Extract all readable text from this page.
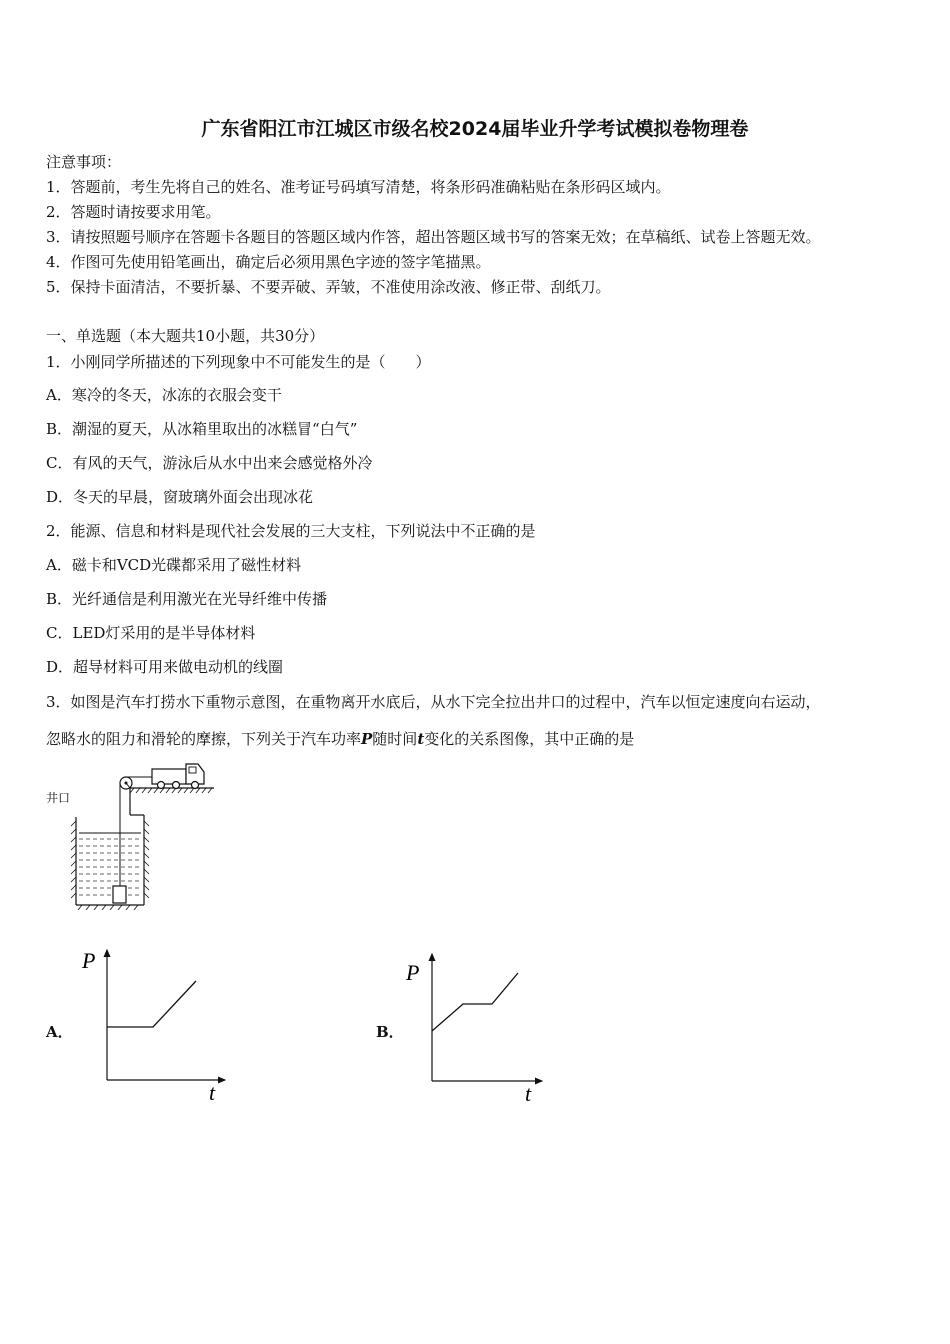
广东省阳江市江城区市级名校2024届毕业升学考试模拟卷物理卷
注意事项：
1．答题前，考生先将自己的姓名、准考证号码填写清楚，将条形码准确粘贴在条形码区域内。
2．答题时请按要求用笔。
3．请按照题号顺序在答题卡各题目的答题区域内作答，超出答题区域书写的答案无效；在草稿纸、试卷上答题无效。
4．作图可先使用铅笔画出，确定后必须用黑色字迹的签字笔描黑。
5．保持卡面清洁，不要折暴、不要弄破、弄皱，不准使用涂改液、修正带、刮纸刀。
一、单选题（本大题共10小题，共30分）
1．小刚同学所描述的下列现象中不可能发生的是（　　）
A．寒冷的冬天，冰冻的衣服会变干
B．潮湿的夏天，从冰箱里取出的冰糕冒“白气”
C．有风的天气，游泳后从水中出来会感觉格外冷
D．冬天的早晨，窗玻璃外面会出现冰花
2．能源、信息和材料是现代社会发展的三大支柱，下列说法中不正确的是
A．磁卡和VCD光碟都采用了磁性材料
B．光纤通信是利用激光在光导纤维中传播
C．LED灯采用的是半导体材料
D．超导材料可用来做电动机的线圈
3．如图是汽车打捞水下重物示意图，在重物离开水底后，从水下完全拉出井口的过程中，汽车以恒定速度向右运动，
忽略水的阻力和滑轮的摩擦，下列关于汽车功率P随时间t变化的关系图像，其中正确的是
井口
A．
P
t
B．
P
t
